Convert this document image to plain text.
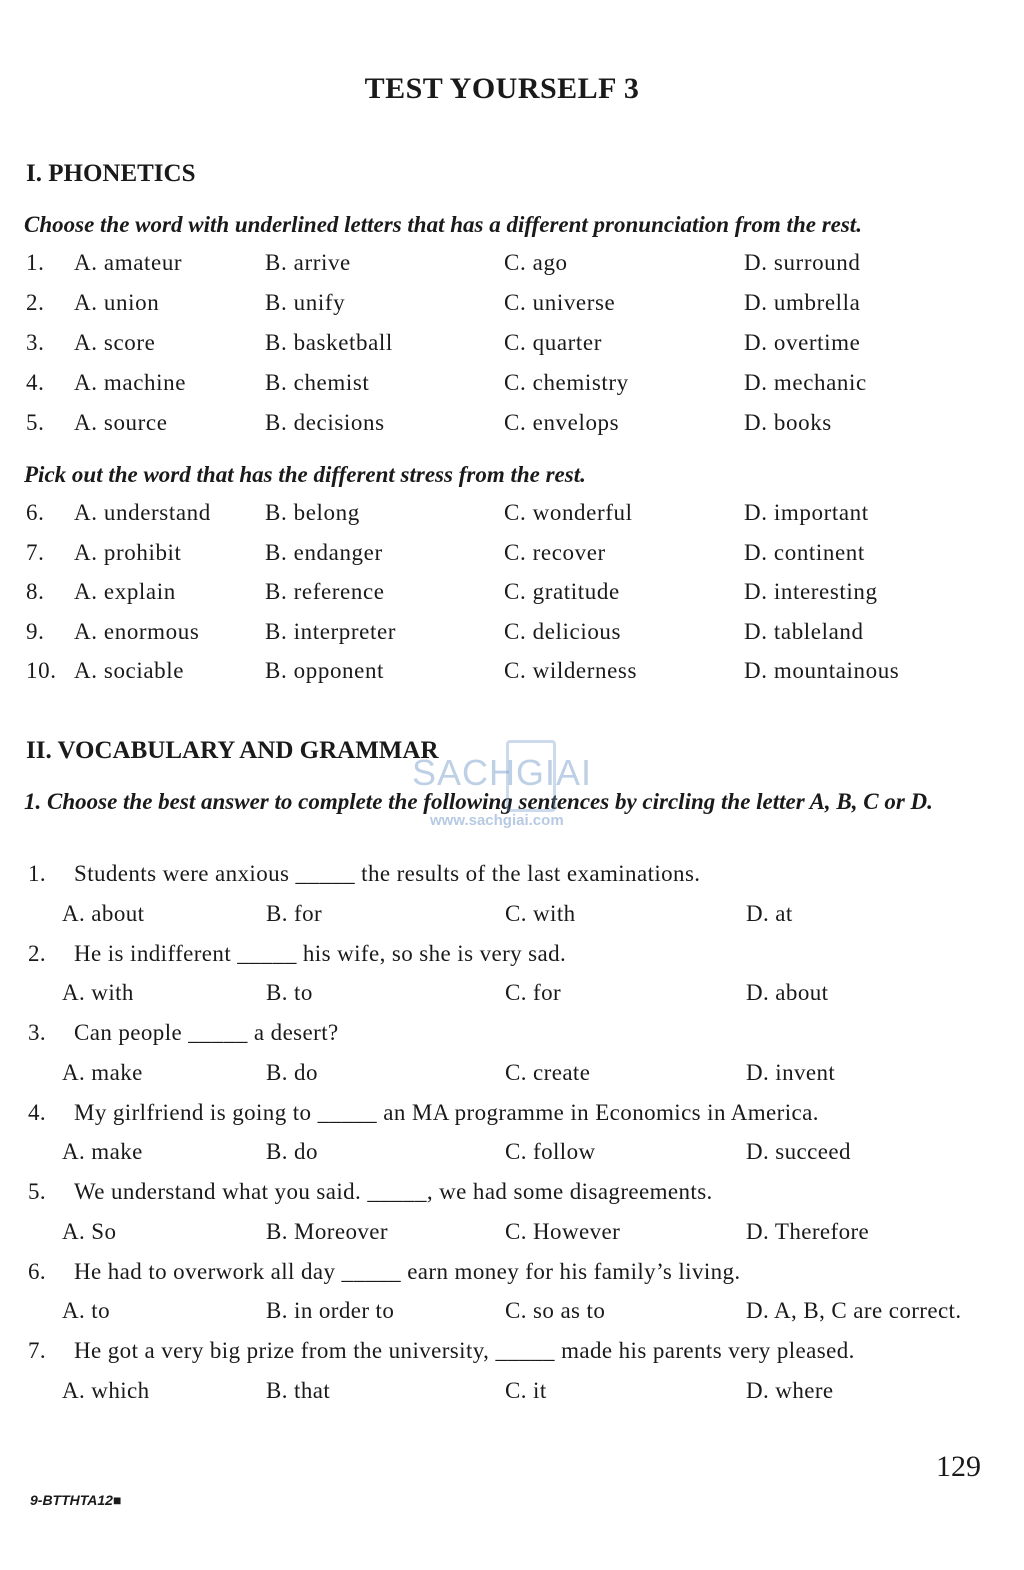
TEST YOURSELF 3
I. PHONETICS
Choose the word with underlined letters that has a different pronunciation from the rest.
1. A. amateur	B. arrive	C. ago	D. surround
2. A. union	B. unify	C. universe	D. umbrella
3. A. score	B. basketball	C. quarter	D. overtime
4. A. machine	B. chemist	C. chemistry	D. mechanic
5. A. source	B. decisions	C. envelops	D. books
Pick out the word that has the different stress from the rest.
6. A. understand B. belong	C. wonderful	D. important
7. A. prohibit	B. endanger	C. recover	D. continent
8. A. explain	B. reference	C. gratitude	D. interesting
9. A. enormous	B. interpreter	C. delicious	D. tableland
10. A. sociable	B. opponent	C. wilderness	D. mountainous
II. VOCABULARY AND GRAMMAR
1. Choose the best answer to complete the following sentences by circling the letter A, B, C or D.
1. Students were anxious _____ the results of the last examinations.
A. about	B. for	C. with	D. at
2. He is indifferent _____ his wife, so she is very sad.
A. with	B. to	C. for	D. about
3. Can people _____ a desert?
A. make	B. do	C. create	D. invent
4. My girlfriend is going to _____ an MA programme in Economics in America.
A. make	B. do	C. follow	D. succeed
5. We understand what you said. _____, we had some disagreements.
A. So	B. Moreover	C. However	D. Therefore
6. He had to overwork all day _____ earn money for his family’s living.
A. to	B. in order to	C. so as to	D. A, B, C are correct.
7. He got a very big prize from the university, _____ made his parents very pleased.
A. which	B. that	C. it	D. where
SACHGIAI
www.sachgiai.com
129
9-BTTHTA12■
